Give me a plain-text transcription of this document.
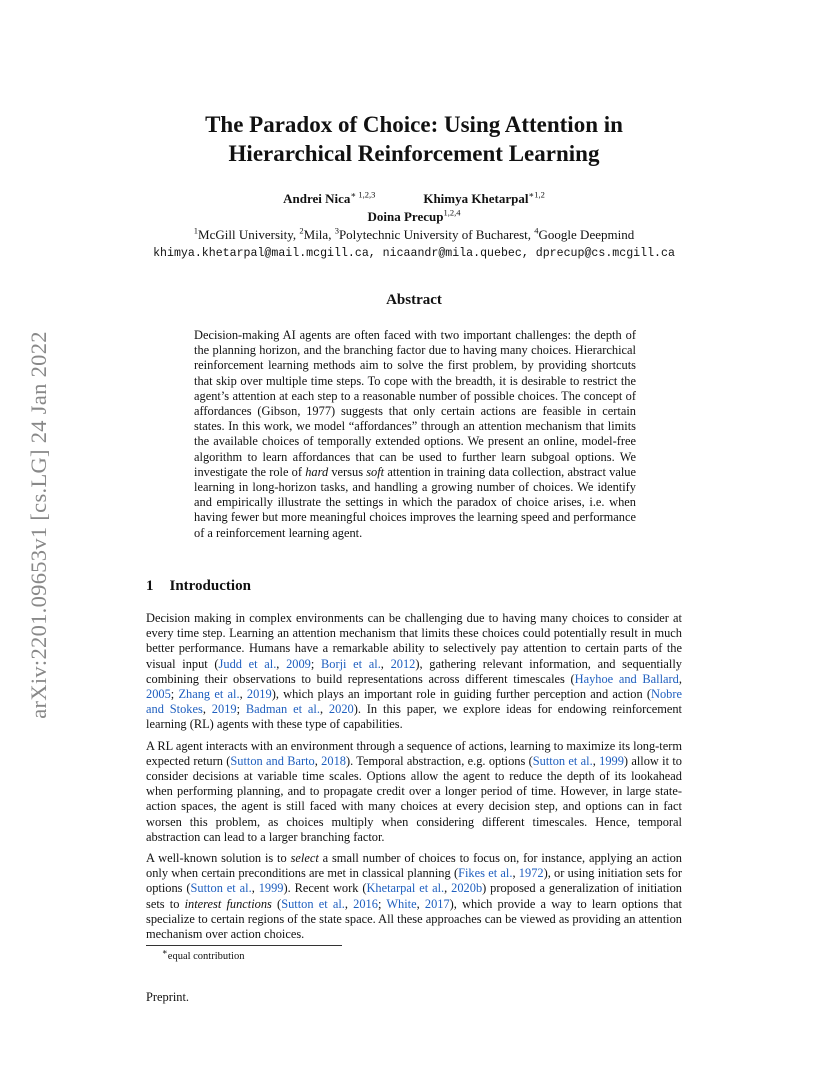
arXiv:2201.09653v1 [cs.LG] 24 Jan 2022
The Paradox of Choice: Using Attention in
Hierarchical Reinforcement Learning
Andrei Nica$^{∗ 1,2,3}$	Khimya Khetarpal$^{∗1,2}$
Doina Precup$^{1,2,4}$
$^1$McGill University, $^2$Mila, $^3$Polytechnic University of Bucharest, $^4$Google Deepmind
khimya.khetarpal@mail.mcgill.ca, nicaandr@mila.quebec, dprecup@cs.mcgill.ca
Abstract
Decision-making AI agents are often faced with two important challenges: the depth of the planning horizon, and the branching factor due to having many choices. Hierarchical reinforcement learning methods aim to solve the first problem, by providing shortcuts that skip over multiple time steps. To cope with the breadth, it is desirable to restrict the agent’s attention at each step to a reasonable number of possible choices. The concept of affordances (Gibson, 1977) suggests that only certain actions are feasible in certain states. In this work, we model “affordances” through an attention mechanism that limits the available choices of temporally extended options. We present an online, model-free algorithm to learn affordances that can be used to further learn subgoal options. We investigate the role of hard versus soft attention in training data collection, abstract value learning in long-horizon tasks, and handling a growing number of choices. We identify and empirically illustrate the settings in which the paradox of choice arises, i.e. when having fewer but more meaningful choices improves the learning speed and performance of a reinforcement learning agent.
1 Introduction

Decision making in complex environments can be challenging due to having many choices to consider at every time step. Learning an attention mechanism that limits these choices could potentially result in much better performance. Humans have a remarkable ability to selectively pay attention to certain parts of the visual input (Judd et al., 2009; Borji et al., 2012), gathering relevant information, and sequentially combining their observations to build representations across different timescales (Hayhoe and Ballard, 2005; Zhang et al., 2019), which plays an important role in guiding further perception and action (Nobre and Stokes, 2019; Badman et al., 2020). In this paper, we explore ideas for endowing reinforcement learning (RL) agents with these type of capabilities.

A RL agent interacts with an environment through a sequence of actions, learning to maximize its long-term expected return (Sutton and Barto, 2018). Temporal abstraction, e.g. options (Sutton et al., 1999) allow it to consider decisions at variable time scales. Options allow the agent to reduce the depth of its lookahead when performing planning, and to propagate credit over a longer period of time. However, in large state-action spaces, the agent is still faced with many choices at every decision step, and options can in fact worsen this problem, as choices multiply when considering different timescales. Hence, temporal abstraction can lead to a larger branching factor.

A well-known solution is to select a small number of choices to focus on, for instance, applying an action only when certain preconditions are met in classical planning (Fikes et al., 1972), or using initiation sets for options (Sutton et al., 1999). Recent work (Khetarpal et al., 2020b) proposed a generalization of initiation sets to interest functions (Sutton et al., 2016; White, 2017), which provide a way to learn options that specialize to certain regions of the state space. All these approaches can be viewed as providing an attention mechanism over action choices.

∗equal contribution
Preprint.
